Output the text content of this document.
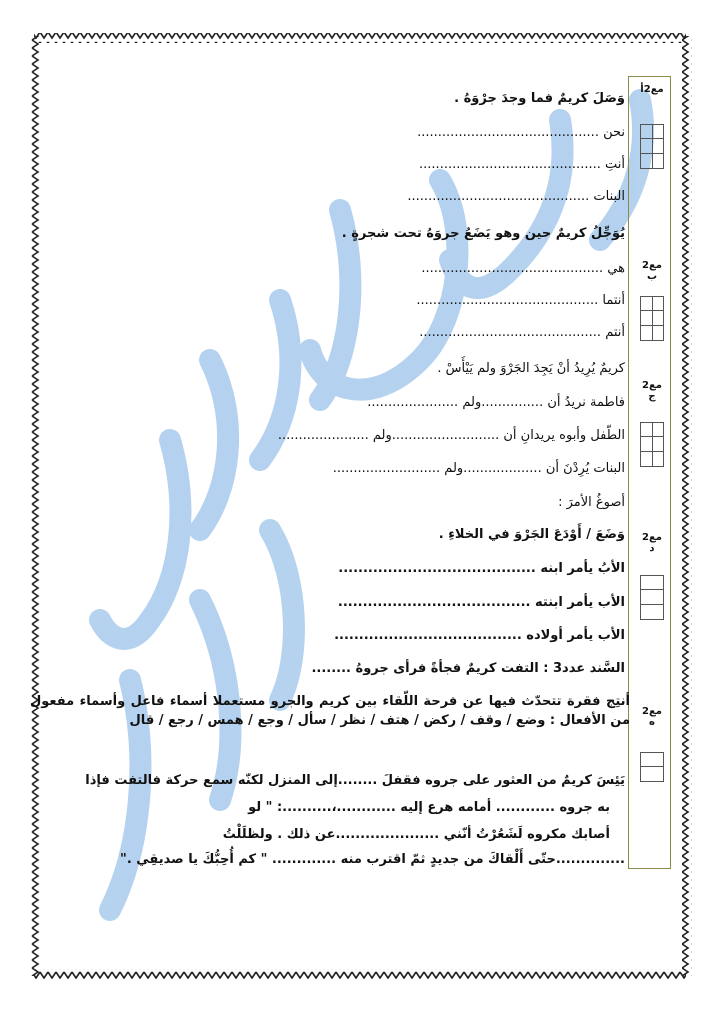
مع2أ
مع2 ب
مع2 ج
مع2 د
مع2 ه
وَصَلَ كريمٌ فما وجدَ جرْوَهُ .
نحن ............................................
أنتِ ............................................
البنات ............................................
يُوَجِّلُ كريمٌ حين وهو يَضَعُ جروَهُ تحت شجرةٍ .
هي ............................................
أنتما ............................................
أنتم ............................................
كريمٌ يُرِيدُ أنْ يَجِدَ الجَرْوَ ولم يَيْأَسْ .
فاطمة نريدُ أن ...............ولم ......................
الطّفل وأبوه يريدانِ أن ..........................ولم ......................
البنات يُرِدْنَ أن ...................ولم ..........................
أصوغُ الأمرَ :
وَضَعَ / أَوْدَعَ الجَرْوَ في الخلاءِ .
الأبُ يأمر ابنه ........................................
الأب يأمر ابنته .......................................
الأب يأمر أولاده ......................................
السَّند عدد3 : التفت كريمٌ فجأةً فرأى جروهُ ........
أنتِج فقرة تتحدّث فيها عن فرحة اللّقاء بين كريم والجرو مستعملا أسماء فاعل وأسماء مفعول من الأفعال : وضع / وقف / ركض / هتف / نظر / سأل / وجع / همس / رجع / قال
يَئِسَ كريمٌ من العثور على جروه فقفلَ ........إلى المنزل لكنّه سمع حركة فالتفت فإذا
به جروه ............ أمامه هرع إليه ............،..........: " لو
أصابك مكروه لَشَعُرْتُ أنّني .....................عن ذلك . ولظلَلْتُ
..............حتّى أَلْقاكَ من جديدٍ ثمّ اقترب منه ............. " كم أُحِبُّكَ يا صديقِي ."
